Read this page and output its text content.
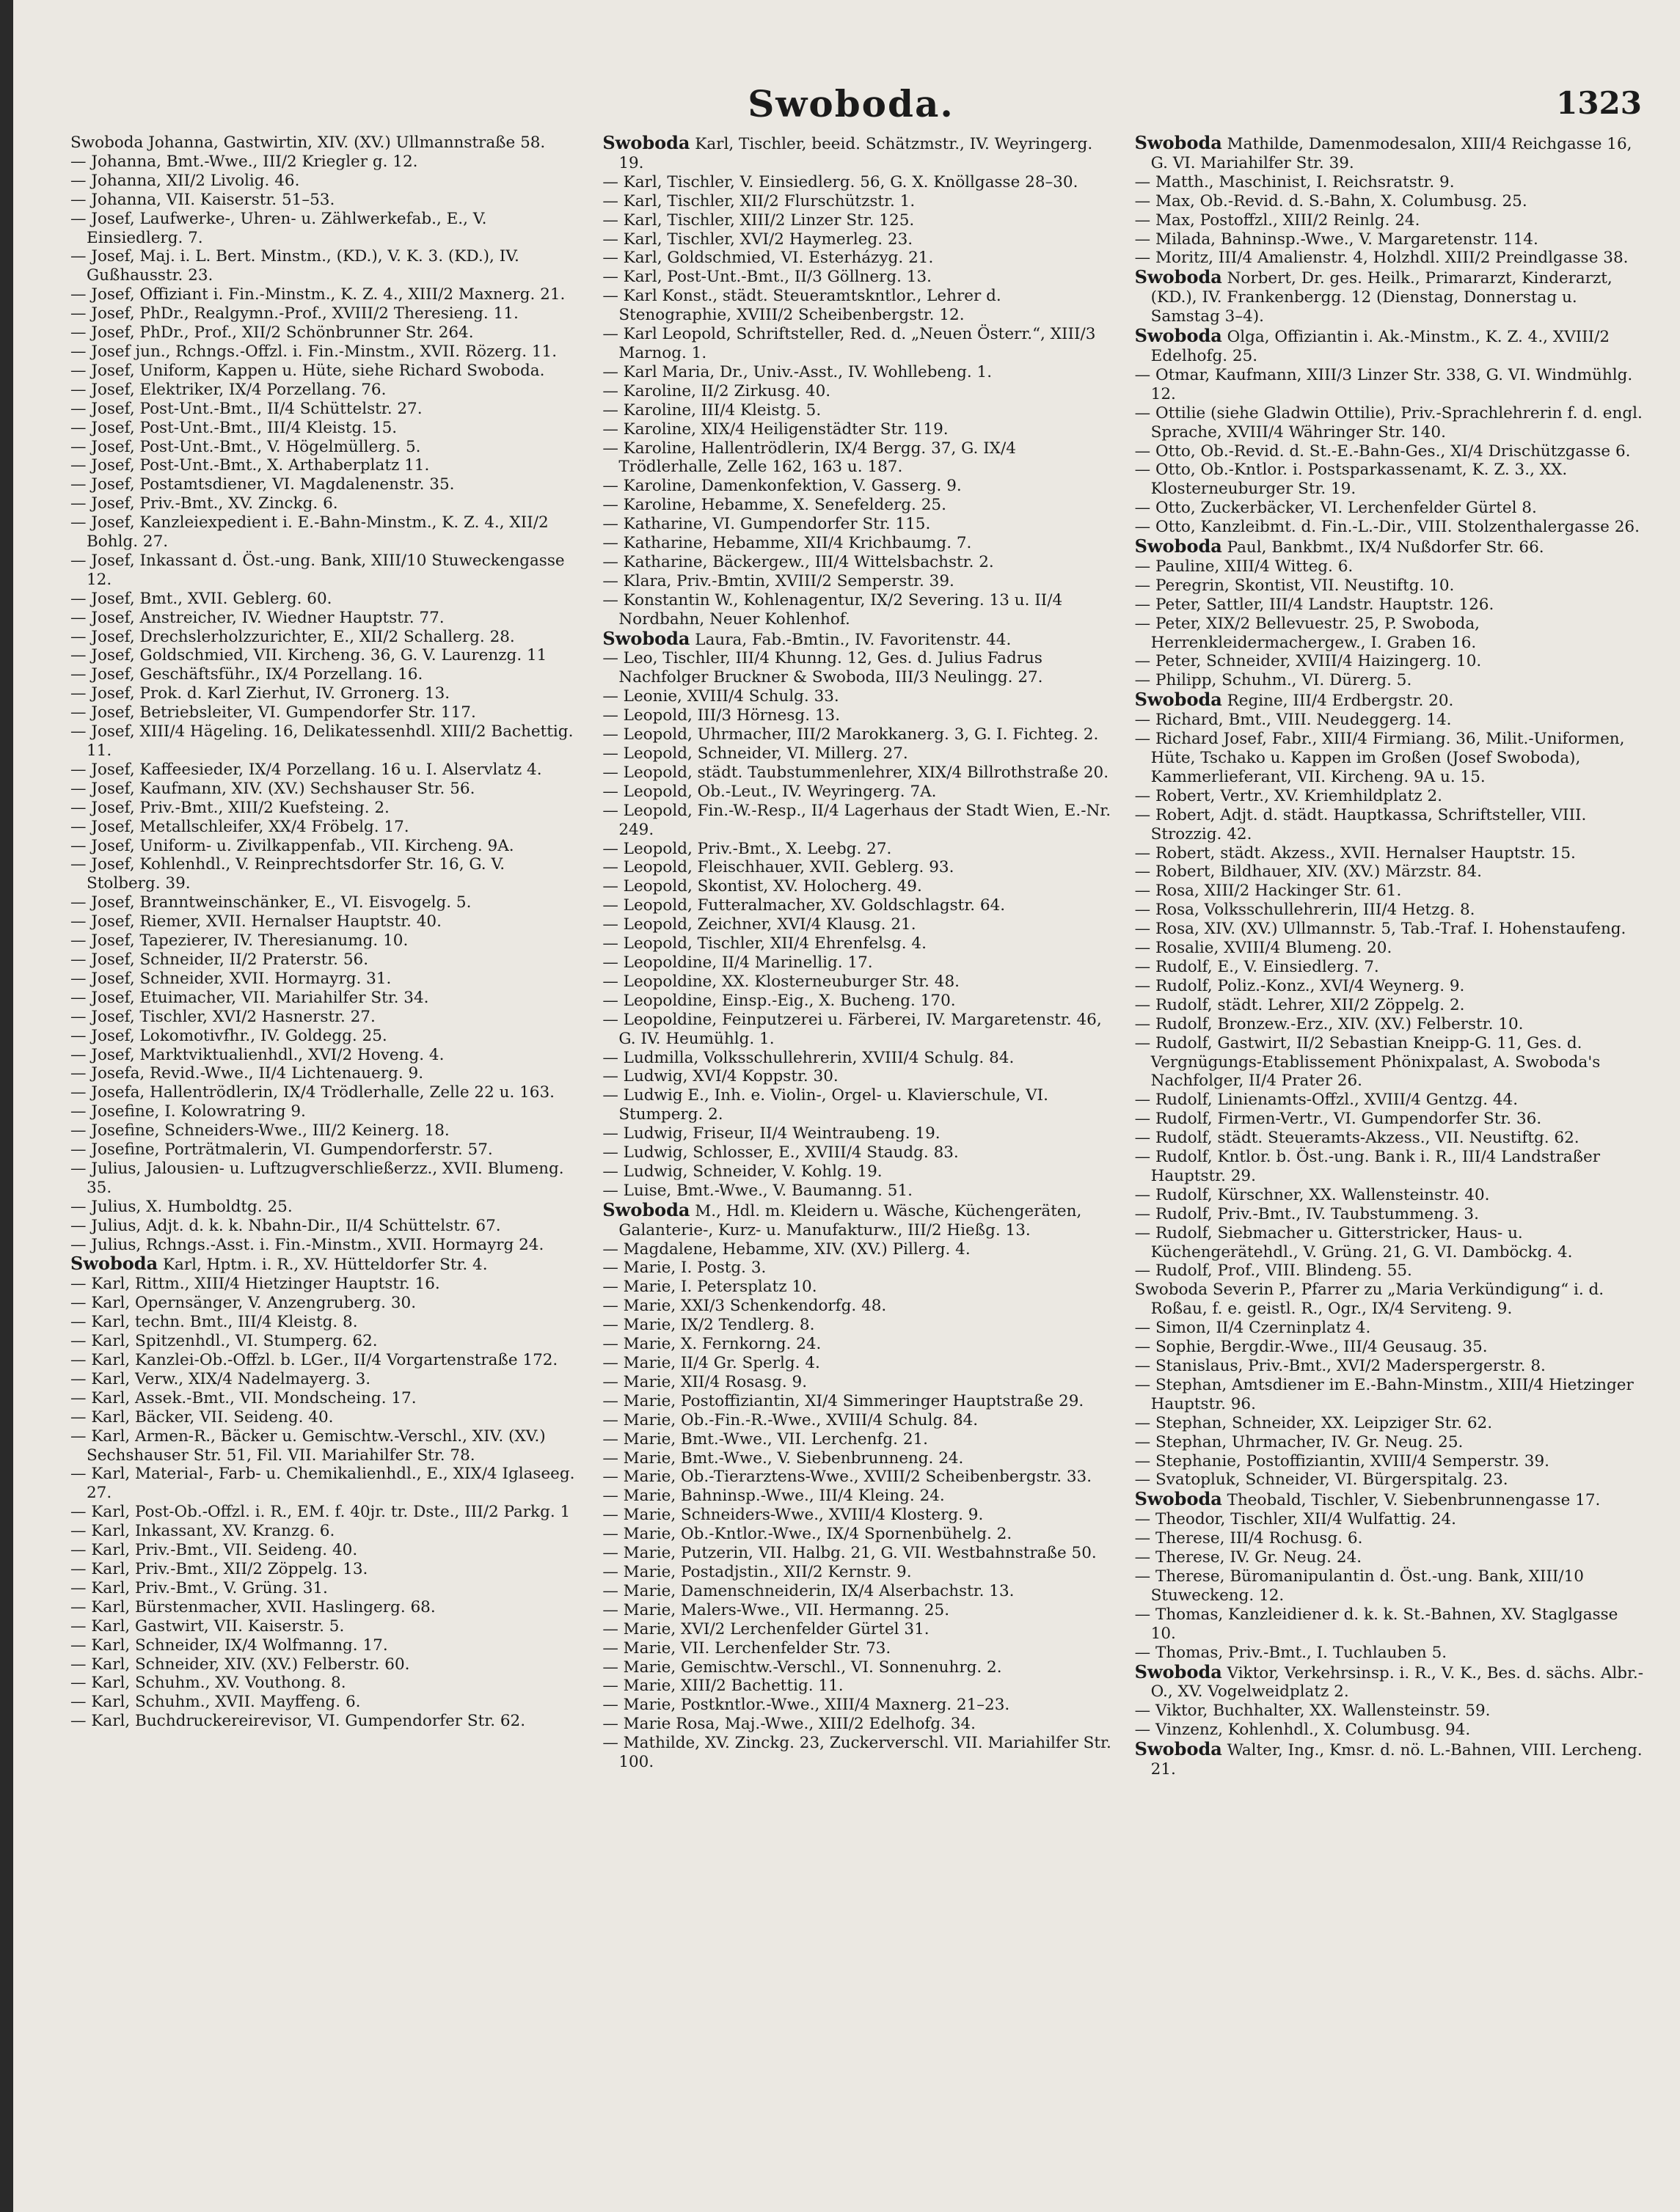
Swoboda.	1323

Swoboda Johanna, Gastwirtin, XIV. (XV.) Ullmannstraße 58.

— Johanna, Bmt.-Wwe., III/2 Kriegler g. 12.

— Johanna, XII/2 Livolig. 46.

— Johanna, VII. Kaiserstr. 51–53.

— Josef, Laufwerke-, Uhren- u. Zählwerkefab., E., V. Einsiedlerg. 7.

— Josef, Maj. i. L. Bert. Minstm., (KD.), V. K. 3. (KD.), IV. Gußhausstr. 23.

— Josef, Offiziant i. Fin.-Minstm., K. Z. 4., XIII/2 Maxnerg. 21.

— Josef, PhDr., Realgymn.-Prof., XVIII/2 Theresieng. 11.

— Josef, PhDr., Prof., XII/2 Schönbrunner Str. 264.

— Josef jun., Rchngs.-Offzl. i. Fin.-Minstm., XVII. Rözerg. 11.

— Josef, Uniform, Kappen u. Hüte, siehe Richard Swoboda.

— Josef, Elektriker, IX/4 Porzellang. 76.

— Josef, Post-Unt.-Bmt., II/4 Schüttelstr. 27.

— Josef, Post-Unt.-Bmt., III/4 Kleistg. 15.

— Josef, Post-Unt.-Bmt., V. Högelmüllerg. 5.

— Josef, Post-Unt.-Bmt., X. Arthaberplatz 11.

— Josef, Postamtsdiener, VI. Magdalenenstr. 35.

— Josef, Priv.-Bmt., XV. Zinckg. 6.

— Josef, Kanzleiexpedient i. E.-Bahn-Minstm., K. Z. 4., XII/2 Bohlg. 27.

— Josef, Inkassant d. Öst.-ung. Bank, XIII/10 Stuweckengasse 12.

— Josef, Bmt., XVII. Geblerg. 60.

— Josef, Anstreicher, IV. Wiedner Hauptstr. 77.

— Josef, Drechslerholzzurichter, E., XII/2 Schallerg. 28.

— Josef, Goldschmied, VII. Kircheng. 36, G. V. Laurenzg. 11

— Josef, Geschäftsführ., IX/4 Porzellang. 16.

— Josef, Prok. d. Karl Zierhut, IV. Grronerg. 13.

— Josef, Betriebsleiter, VI. Gumpendorfer Str. 117.

— Josef, XIII/4 Hägeling. 16, Delikatessenhdl. XIII/2 Bachettig. 11.

— Josef, Kaffeesieder, IX/4 Porzellang. 16 u. I. Alservlatz 4.

— Josef, Kaufmann, XIV. (XV.) Sechshauser Str. 56.

— Josef, Priv.-Bmt., XIII/2 Kuefsteing. 2.

— Josef, Metallschleifer, XX/4 Fröbelg. 17.

— Josef, Uniform- u. Zivilkappenfab., VII. Kircheng. 9A.

— Josef, Kohlenhdl., V. Reinprechtsdorfer Str. 16, G. V. Stolberg. 39.

— Josef, Branntweinschänker, E., VI. Eisvogelg. 5.

— Josef, Riemer, XVII. Hernalser Hauptstr. 40.

— Josef, Tapezierer, IV. Theresianumg. 10.

— Josef, Schneider, II/2 Praterstr. 56.

— Josef, Schneider, XVII. Hormayrg. 31.

— Josef, Etuimacher, VII. Mariahilfer Str. 34.

— Josef, Tischler, XVI/2 Hasnerstr. 27.

— Josef, Lokomotivfhr., IV. Goldegg. 25.

— Josef, Marktviktualienhdl., XVI/2 Hoveng. 4.

— Josefa, Revid.-Wwe., II/4 Lichtenauerg. 9.

— Josefa, Hallentrödlerin, IX/4 Trödlerhalle, Zelle 22 u. 163.

— Josefine, I. Kolowratring 9.

— Josefine, Schneiders-Wwe., III/2 Keinerg. 18.

— Josefine, Porträtmalerin, VI. Gumpendorferstr. 57.

— Julius, Jalousien- u. Luftzugverschließerzz., XVII. Blumeng. 35.

— Julius, X. Humboldtg. 25.

— Julius, Adjt. d. k. k. Nbahn-Dir., II/4 Schüttelstr. 67.

— Julius, Rchngs.-Asst. i. Fin.-Minstm., XVII. Hormayrg 24.

Swoboda Karl, Hptm. i. R., XV. Hütteldorfer Str. 4.

— Karl, Rittm., XIII/4 Hietzinger Hauptstr. 16.

— Karl, Opernsänger, V. Anzengruberg. 30.

— Karl, techn. Bmt., III/4 Kleistg. 8.

— Karl, Spitzenhdl., VI. Stumperg. 62.

— Karl, Kanzlei-Ob.-Offzl. b. LGer., II/4 Vorgartenstraße 172.

— Karl, Verw., XIX/4 Nadelmayerg. 3.

— Karl, Assek.-Bmt., VII. Mondscheing. 17.

— Karl, Bäcker, VII. Seideng. 40.

— Karl, Armen-R., Bäcker u. Gemischtw.-Verschl., XIV. (XV.) Sechshauser Str. 51, Fil. VII. Mariahilfer Str. 78.

— Karl, Material-, Farb- u. Chemikalienhdl., E., XIX/4 Iglaseeg. 27.

— Karl, Post-Ob.-Offzl. i. R., EM. f. 40jr. tr. Dste., III/2 Parkg. 1

— Karl, Inkassant, XV. Kranzg. 6.

— Karl, Priv.-Bmt., VII. Seideng. 40.

— Karl, Priv.-Bmt., XII/2 Zöppelg. 13.

— Karl, Priv.-Bmt., V. Grüng. 31.

— Karl, Bürstenmacher, XVII. Haslingerg. 68.

— Karl, Gastwirt, VII. Kaiserstr. 5.

— Karl, Schneider, IX/4 Wolfmanng. 17.

— Karl, Schneider, XIV. (XV.) Felberstr. 60.

— Karl, Schuhm., XV. Vouthong. 8.

— Karl, Schuhm., XVII. Mayffeng. 6.

— Karl, Buchdruckereirevisor, VI. Gumpendorfer Str. 62.

Swoboda Karl, Tischler, beeid. Schätzmstr., IV. Weyringerg. 19.

— Karl, Tischler, V. Einsiedlerg. 56, G. X. Knöllgasse 28–30.

— Karl, Tischler, XII/2 Flurschützstr. 1.

— Karl, Tischler, XIII/2 Linzer Str. 125.

— Karl, Tischler, XVI/2 Haymerleg. 23.

— Karl, Goldschmied, VI. Esterházyg. 21.

— Karl, Post-Unt.-Bmt., II/3 Göllnerg. 13.

— Karl Konst., städt. Steueramtskntlor., Lehrer d. Stenographie, XVIII/2 Scheibenbergstr. 12.

— Karl Leopold, Schriftsteller, Red. d. „Neuen Österr.“, XIII/3 Marnog. 1.

— Karl Maria, Dr., Univ.-Asst., IV. Wohllebeng. 1.

— Karoline, II/2 Zirkusg. 40.

— Karoline, III/4 Kleistg. 5.

— Karoline, XIX/4 Heiligenstädter Str. 119.

— Karoline, Hallentrödlerin, IX/4 Bergg. 37, G. IX/4 Trödlerhalle, Zelle 162, 163 u. 187.

— Karoline, Damenkonfektion, V. Gasserg. 9.

— Karoline, Hebamme, X. Senefelderg. 25.

— Katharine, VI. Gumpendorfer Str. 115.

— Katharine, Hebamme, XII/4 Krichbaumg. 7.

— Katharine, Bäckergew., III/4 Wittelsbachstr. 2.

— Klara, Priv.-Bmtin, XVIII/2 Semperstr. 39.

— Konstantin W., Kohlenagentur, IX/2 Severing. 13 u. II/4 Nordbahn, Neuer Kohlenhof.

Swoboda Laura, Fab.-Bmtin., IV. Favoritenstr. 44.

— Leo, Tischler, III/4 Khunng. 12, Ges. d. Julius Fadrus Nachfolger Bruckner & Swoboda, III/3 Neulingg. 27.

— Leonie, XVIII/4 Schulg. 33.

— Leopold, III/3 Hörnesg. 13.

— Leopold, Uhrmacher, III/2 Marokkanerg. 3, G. I. Fichteg. 2.

— Leopold, Schneider, VI. Millerg. 27.

— Leopold, städt. Taubstummenlehrer, XIX/4 Billrothstraße 20.

— Leopold, Ob.-Leut., IV. Weyringerg. 7A.

— Leopold, Fin.-W.-Resp., II/4 Lagerhaus der Stadt Wien, E.-Nr. 249.

— Leopold, Priv.-Bmt., X. Leebg. 27.

— Leopold, Fleischhauer, XVII. Geblerg. 93.

— Leopold, Skontist, XV. Holocherg. 49.

— Leopold, Futteralmacher, XV. Goldschlagstr. 64.

— Leopold, Zeichner, XVI/4 Klausg. 21.

— Leopold, Tischler, XII/4 Ehrenfelsg. 4.

— Leopoldine, II/4 Marinellig. 17.

— Leopoldine, XX. Klosterneuburger Str. 48.

— Leopoldine, Einsp.-Eig., X. Bucheng. 170.

— Leopoldine, Feinputzerei u. Färberei, IV. Margaretenstr. 46, G. IV. Heumühlg. 1.

— Ludmilla, Volksschullehrerin, XVIII/4 Schulg. 84.

— Ludwig, XVI/4 Koppstr. 30.

— Ludwig E., Inh. e. Violin-, Orgel- u. Klavierschule, VI. Stumperg. 2.

— Ludwig, Friseur, II/4 Weintraubeng. 19.

— Ludwig, Schlosser, E., XVIII/4 Staudg. 83.

— Ludwig, Schneider, V. Kohlg. 19.

— Luise, Bmt.-Wwe., V. Baumanng. 51.

Swoboda M., Hdl. m. Kleidern u. Wäsche, Küchengeräten, Galanterie-, Kurz- u. Manufakturw., III/2 Hießg. 13.

— Magdalene, Hebamme, XIV. (XV.) Pillerg. 4.

— Marie, I. Postg. 3.

— Marie, I. Petersplatz 10.

— Marie, XXI/3 Schenkendorfg. 48.

— Marie, IX/2 Tendlerg. 8.

— Marie, X. Fernkorng. 24.

— Marie, II/4 Gr. Sperlg. 4.

— Marie, XII/4 Rosasg. 9.

— Marie, Postoffiziantin, XI/4 Simmeringer Hauptstraße 29.

— Marie, Ob.-Fin.-R.-Wwe., XVIII/4 Schulg. 84.

— Marie, Bmt.-Wwe., VII. Lerchenfg. 21.

— Marie, Bmt.-Wwe., V. Siebenbrunneng. 24.

— Marie, Ob.-Tierarztens-Wwe., XVIII/2 Scheibenbergstr. 33.

— Marie, Bahninsp.-Wwe., III/4 Kleing. 24.

— Marie, Schneiders-Wwe., XVIII/4 Klosterg. 9.

— Marie, Ob.-Kntlor.-Wwe., IX/4 Spornenbühelg. 2.

— Marie, Putzerin, VII. Halbg. 21, G. VII. Westbahnstraße 50.

— Marie, Postadjstin., XII/2 Kernstr. 9.

— Marie, Damenschneiderin, IX/4 Alserbachstr. 13.

— Marie, Malers-Wwe., VII. Hermanng. 25.

— Marie, XVI/2 Lerchenfelder Gürtel 31.

— Marie, VII. Lerchenfelder Str. 73.

— Marie, Gemischtw.-Verschl., VI. Sonnenuhrg. 2.

— Marie, XIII/2 Bachettig. 11.

— Marie, Postkntlor.-Wwe., XIII/4 Maxnerg. 21–23.

— Marie Rosa, Maj.-Wwe., XIII/2 Edelhofg. 34.

— Mathilde, XV. Zinckg. 23, Zuckerverschl. VII. Mariahilfer Str. 100.

Swoboda Mathilde, Damenmodesalon, XIII/4 Reichgasse 16, G. VI. Mariahilfer Str. 39.

— Matth., Maschinist, I. Reichsratstr. 9.

— Max, Ob.-Revid. d. S.-Bahn, X. Columbusg. 25.

— Max, Postoffzl., XIII/2 Reinlg. 24.

— Milada, Bahninsp.-Wwe., V. Margaretenstr. 114.

— Moritz, III/4 Amalienstr. 4, Holzhdl. XIII/2 Preindlgasse 38.

Swoboda Norbert, Dr. ges. Heilk., Primararzt, Kinderarzt, (KD.), IV. Frankenbergg. 12 (Dienstag, Donnerstag u. Samstag 3–4).

Swoboda Olga, Offiziantin i. Ak.-Minstm., K. Z. 4., XVIII/2 Edelhofg. 25.

— Otmar, Kaufmann, XIII/3 Linzer Str. 338, G. VI. Windmühlg. 12.

— Ottilie (siehe Gladwin Ottilie), Priv.-Sprachlehrerin f. d. engl. Sprache, XVIII/4 Währinger Str. 140.

— Otto, Ob.-Revid. d. St.-E.-Bahn-Ges., XI/4 Drischützgasse 6.

— Otto, Ob.-Kntlor. i. Postsparkassenamt, K. Z. 3., XX. Klosterneuburger Str. 19.

— Otto, Zuckerbäcker, VI. Lerchenfelder Gürtel 8.

— Otto, Kanzleibmt. d. Fin.-L.-Dir., VIII. Stolzenthalergasse 26.

Swoboda Paul, Bankbmt., IX/4 Nußdorfer Str. 66.

— Pauline, XIII/4 Witteg. 6.

— Peregrin, Skontist, VII. Neustiftg. 10.

— Peter, Sattler, III/4 Landstr. Hauptstr. 126.

— Peter, XIX/2 Bellevuestr. 25, P. Swoboda, Herrenkleidermachergew., I. Graben 16.

— Peter, Schneider, XVIII/4 Haizingerg. 10.

— Philipp, Schuhm., VI. Dürerg. 5.

Swoboda Regine, III/4 Erdbergstr. 20.

— Richard, Bmt., VIII. Neudeggerg. 14.

— Richard Josef, Fabr., XIII/4 Firmiang. 36, Milit.-Uniformen, Hüte, Tschako u. Kappen im Großen (Josef Swoboda), Kammerlieferant, VII. Kircheng. 9A u. 15.

— Robert, Vertr., XV. Kriemhildplatz 2.

— Robert, Adjt. d. städt. Hauptkassa, Schriftsteller, VIII. Strozzig. 42.

— Robert, städt. Akzess., XVII. Hernalser Hauptstr. 15.

— Robert, Bildhauer, XIV. (XV.) Märzstr. 84.

— Rosa, XIII/2 Hackinger Str. 61.

— Rosa, Volksschullehrerin, III/4 Hetzg. 8.

— Rosa, XIV. (XV.) Ullmannstr. 5, Tab.-Traf. I. Hohenstaufeng.

— Rosalie, XVIII/4 Blumeng. 20.

— Rudolf, E., V. Einsiedlerg. 7.

— Rudolf, Poliz.-Konz., XVI/4 Weynerg. 9.

— Rudolf, städt. Lehrer, XII/2 Zöppelg. 2.

— Rudolf, Bronzew.-Erz., XIV. (XV.) Felberstr. 10.

— Rudolf, Gastwirt, II/2 Sebastian Kneipp-G. 11, Ges. d. Vergnügungs-Etablissement Phönixpalast, A. Swoboda's Nachfolger, II/4 Prater 26.

— Rudolf, Linienamts-Offzl., XVIII/4 Gentzg. 44.

— Rudolf, Firmen-Vertr., VI. Gumpendorfer Str. 36.

— Rudolf, städt. Steueramts-Akzess., VII. Neustiftg. 62.

— Rudolf, Kntlor. b. Öst.-ung. Bank i. R., III/4 Landstraßer Hauptstr. 29.

— Rudolf, Kürschner, XX. Wallensteinstr. 40.

— Rudolf, Priv.-Bmt., IV. Taubstummeng. 3.

— Rudolf, Siebmacher u. Gitterstricker, Haus- u. Küchengerätehdl., V. Grüng. 21, G. VI. Damböckg. 4.

— Rudolf, Prof., VIII. Blindeng. 55.

Swoboda Severin P., Pfarrer zu „Maria Verkündigung“ i. d. Roßau, f. e. geistl. R., Ogr., IX/4 Serviteng. 9.

— Simon, II/4 Czerninplatz 4.

— Sophie, Bergdir.-Wwe., III/4 Geusaug. 35.

— Stanislaus, Priv.-Bmt., XVI/2 Maderspergerstr. 8.

— Stephan, Amtsdiener im E.-Bahn-Minstm., XIII/4 Hietzinger Hauptstr. 96.

— Stephan, Schneider, XX. Leipziger Str. 62.

— Stephan, Uhrmacher, IV. Gr. Neug. 25.

— Stephanie, Postoffiziantin, XVIII/4 Semperstr. 39.

— Svatopluk, Schneider, VI. Bürgerspitalg. 23.

Swoboda Theobald, Tischler, V. Siebenbrunnengasse 17.

— Theodor, Tischler, XII/4 Wulfattig. 24.

— Therese, III/4 Rochusg. 6.

— Therese, IV. Gr. Neug. 24.

— Therese, Büromanipulantin d. Öst.-ung. Bank, XIII/10 Stuweckeng. 12.

— Thomas, Kanzleidiener d. k. k. St.-Bahnen, XV. Staglgasse 10.

— Thomas, Priv.-Bmt., I. Tuchlauben 5.

Swoboda Viktor, Verkehrsinsp. i. R., V. K., Bes. d. sächs. Albr.-O., XV. Vogelweidplatz 2.

— Viktor, Buchhalter, XX. Wallensteinstr. 59.

— Vinzenz, Kohlenhdl., X. Columbusg. 94.

Swoboda Walter, Ing., Kmsr. d. nö. L.-Bahnen, VIII. Lercheng. 21.
